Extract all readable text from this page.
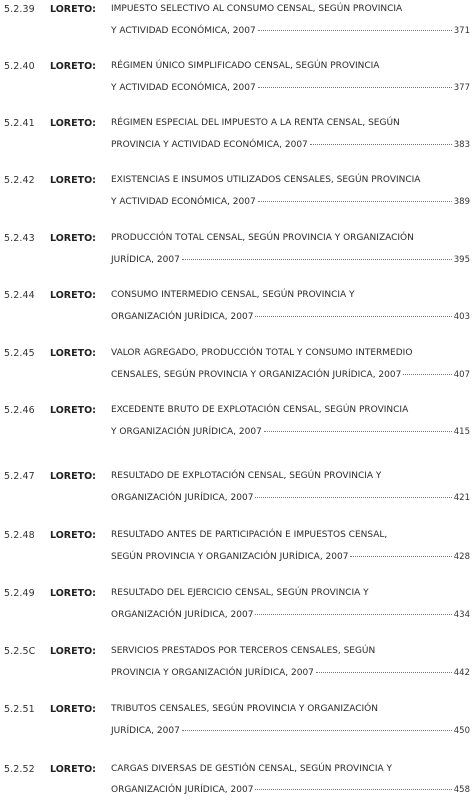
5.2.39 LORETO: IMPUESTO SELECTIVO AL CONSUMO CENSAL, SEGÚN PROVINCIA
Y ACTIVIDAD ECONÓMICA, 2007	371
5.2.40 LORETO: RÉGIMEN ÚNICO SIMPLIFICADO CENSAL, SEGÚN PROVINCIA
Y ACTIVIDAD ECONÓMICA, 2007	377
5.2.41 LORETO: RÉGIMEN ESPECIAL DEL IMPUESTO A LA RENTA CENSAL, SEGÚN
PROVINCIA Y ACTIVIDAD ECONÓMICA, 2007	383
5.2.42 LORETO: EXISTENCIAS E INSUMOS UTILIZADOS CENSALES, SEGÚN PROVINCIA
Y ACTIVIDAD ECONÓMICA, 2007	389
5.2.43 LORETO: PRODUCCIÓN TOTAL CENSAL, SEGÚN PROVINCIA Y ORGANIZACIÓN
JURÍDICA, 2007	395
5.2.44 LORETO: CONSUMO INTERMEDIO CENSAL, SEGÚN PROVINCIA Y
ORGANIZACIÓN JURÍDICA, 2007	403
5.2.45 LORETO: VALOR AGREGADO, PRODUCCIÓN TOTAL Y CONSUMO INTERMEDIO
CENSALES, SEGÚN PROVINCIA Y ORGANIZACIÓN JURÍDICA, 2007	407
5.2.46 LORETO: EXCEDENTE BRUTO DE EXPLOTACIÓN CENSAL, SEGÚN PROVINCIA
Y ORGANIZACIÓN JURÍDICA, 2007	415
5.2.47 LORETO: RESULTADO DE EXPLOTACIÓN CENSAL, SEGÚN PROVINCIA Y
ORGANIZACIÓN JURÍDICA, 2007	421
5.2.48 LORETO: RESULTADO ANTES DE PARTICIPACIÓN E IMPUESTOS CENSAL,
SEGÚN PROVINCIA Y ORGANIZACIÓN JURÍDICA, 2007	428
5.2.49 LORETO: RESULTADO DEL EJERCICIO CENSAL, SEGÚN PROVINCIA Y
ORGANIZACIÓN JURÍDICA, 2007	434
5.2.5C LORETO: SERVICIOS PRESTADOS POR TERCEROS CENSALES, SEGÚN
PROVINCIA Y ORGANIZACIÓN JURÍDICA, 2007	442
5.2.51 LORETO: TRIBUTOS CENSALES, SEGÚN PROVINCIA Y ORGANIZACIÓN
JURÍDICA, 2007	450
5.2.52 LORETO: CARGAS DIVERSAS DE GESTIÓN CENSAL, SEGÚN PROVINCIA Y
ORGANIZACIÓN JURÍDICA, 2007	458
